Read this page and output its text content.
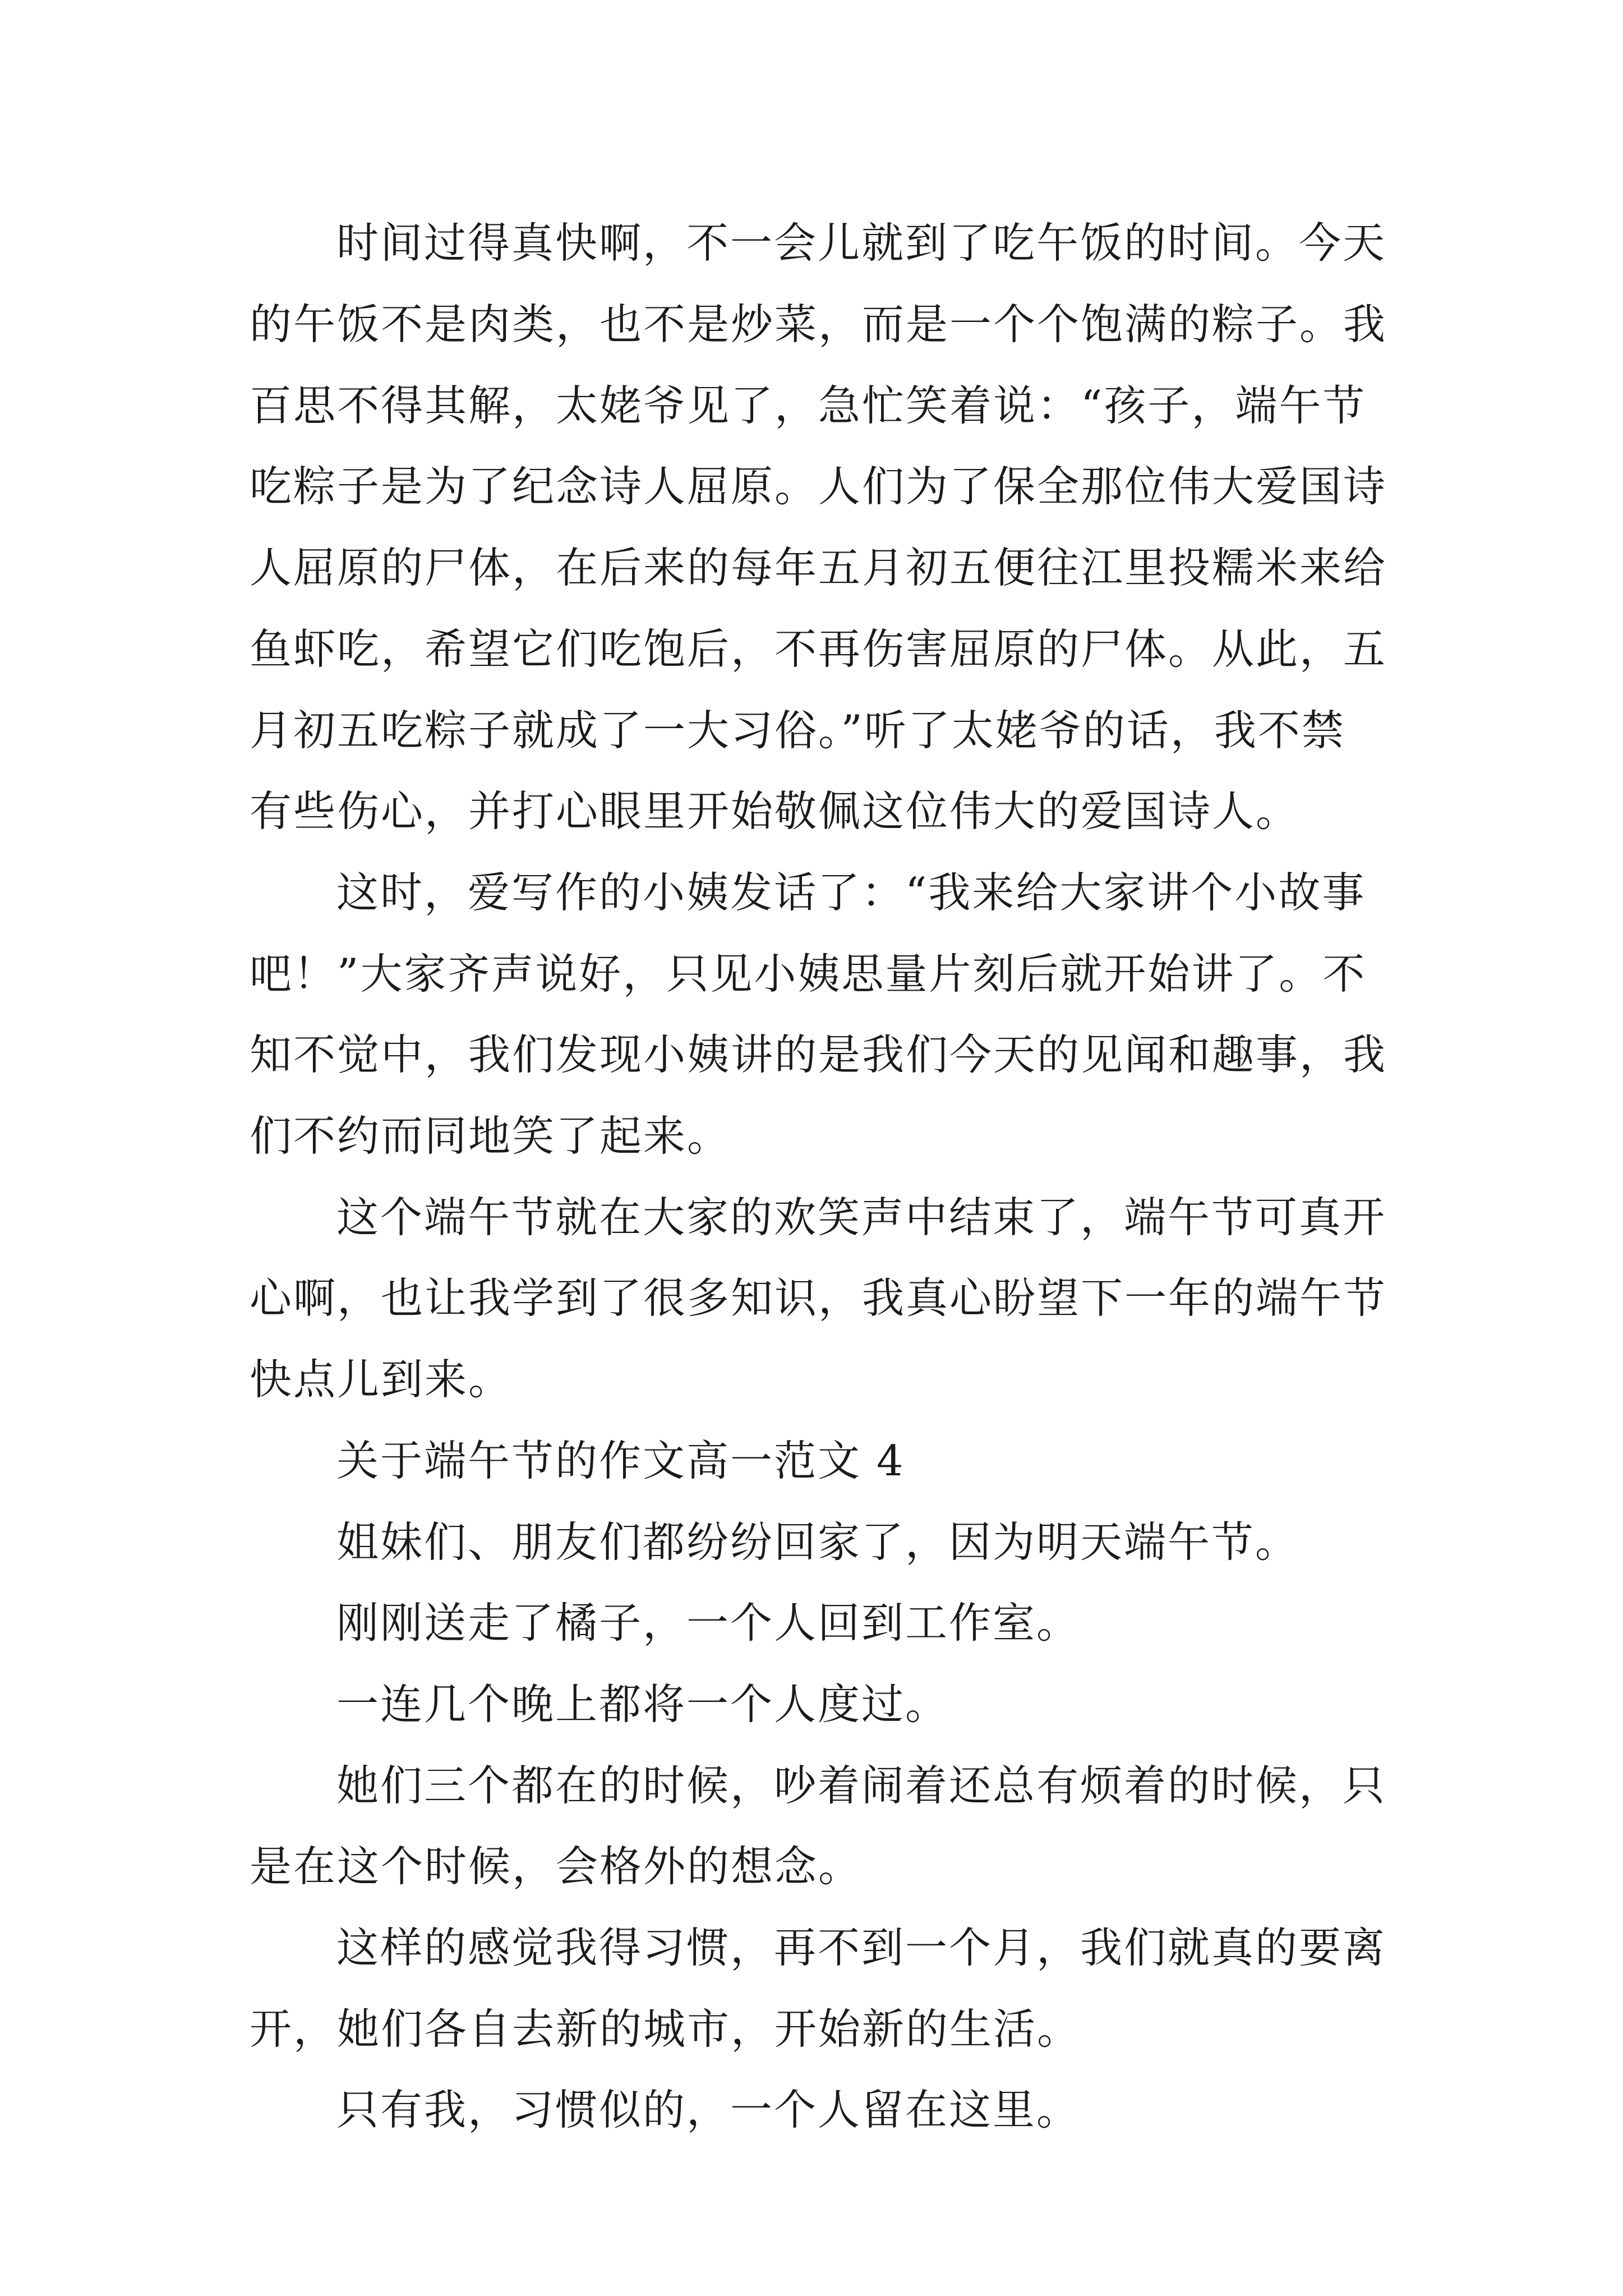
时间过得真快啊，不一会儿就到了吃午饭的时间。今天
的午饭不是肉类，也不是炒菜，而是一个个饱满的粽子。我
百思不得其解，太姥爷见了，急忙笑着说：“孩子，端午节
吃粽子是为了纪念诗人屈原。人们为了保全那位伟大爱国诗
人屈原的尸体，在后来的每年五月初五便往江里投糯米来给
鱼虾吃，希望它们吃饱后，不再伤害屈原的尸体。从此，五
月初五吃粽子就成了一大习俗。”听了太姥爷的话，我不禁
有些伤心，并打心眼里开始敬佩这位伟大的爱国诗人。
这时，爱写作的小姨发话了：“我来给大家讲个小故事
吧！”大家齐声说好，只见小姨思量片刻后就开始讲了。不
知不觉中，我们发现小姨讲的是我们今天的见闻和趣事，我
们不约而同地笑了起来。
这个端午节就在大家的欢笑声中结束了，端午节可真开
心啊，也让我学到了很多知识，我真心盼望下一年的端午节
快点儿到来。
关于端午节的作文高一范文 4
姐妹们、朋友们都纷纷回家了，因为明天端午节。
刚刚送走了橘子，一个人回到工作室。
一连几个晚上都将一个人度过。
她们三个都在的时候，吵着闹着还总有烦着的时候，只
是在这个时候，会格外的想念。
这样的感觉我得习惯，再不到一个月，我们就真的要离
开，她们各自去新的城市，开始新的生活。
只有我，习惯似的，一个人留在这里。
